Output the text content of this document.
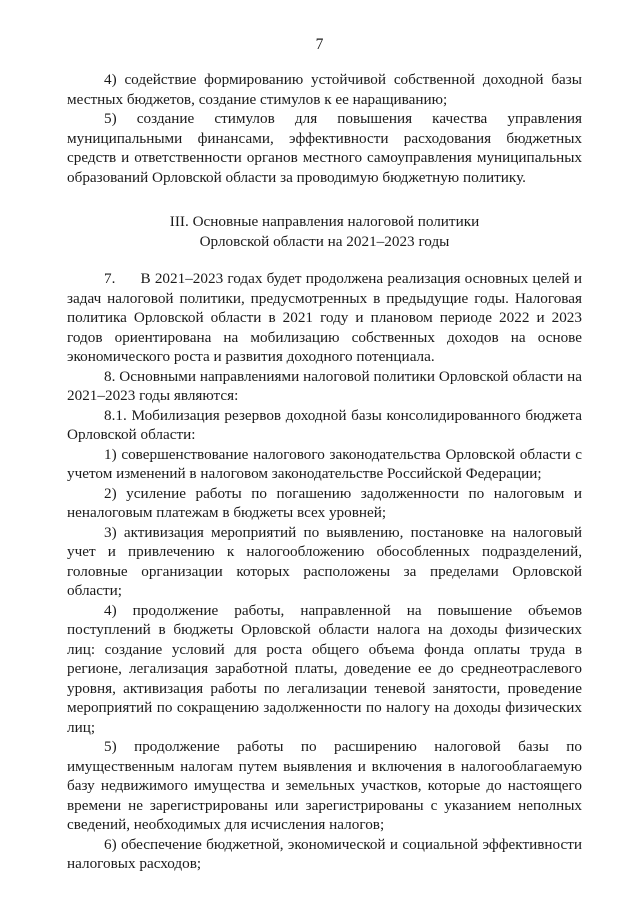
7

4) содействие формированию устойчивой собственной доходной базы местных бюджетов, создание стимулов к ее наращиванию;

5) создание стимулов для повышения качества управления муниципальными финансами, эффективности расходования бюджетных средств и ответственности органов местного самоуправления муниципальных образований Орловской области за проводимую бюджетную политику.

III. Основные направления налоговой политики
Орловской области на 2021–2023 годы

7.      В 2021–2023 годах будет продолжена реализация основных целей и задач налоговой политики, предусмотренных в предыдущие годы. Налоговая политика Орловской области в 2021 году и плановом периоде 2022 и 2023 годов ориентирована на мобилизацию собственных доходов на основе экономического роста и развития доходного потенциала.

8. Основными направлениями налоговой политики Орловской области на 2021–2023 годы являются:

8.1. Мобилизация резервов доходной базы консолидированного бюджета Орловской области:

1) совершенствование налогового законодательства Орловской области с учетом изменений в налоговом законодательстве Российской Федерации;

2) усиление работы по погашению задолженности по налоговым и неналоговым платежам в бюджеты всех уровней;

3) активизация мероприятий по выявлению, постановке на налоговый учет и привлечению к налогообложению обособленных подразделений, головные организации которых расположены за пределами Орловской области;

4) продолжение работы, направленной на повышение объемов поступлений в бюджеты Орловской области налога на доходы физических лиц: создание условий для роста общего объема фонда оплаты труда в регионе, легализация заработной платы, доведение ее до среднеотраслевого уровня, активизация работы по легализации теневой занятости, проведение мероприятий по сокращению задолженности по налогу на доходы физических лиц;

5) продолжение работы по расширению налоговой базы по имущественным налогам путем выявления и включения в налогооблагаемую базу недвижимого имущества и земельных участков, которые до настоящего времени не зарегистрированы или зарегистрированы с указанием неполных сведений, необходимых для исчисления налогов;

6) обеспечение бюджетной, экономической и социальной эффективности налоговых расходов;
